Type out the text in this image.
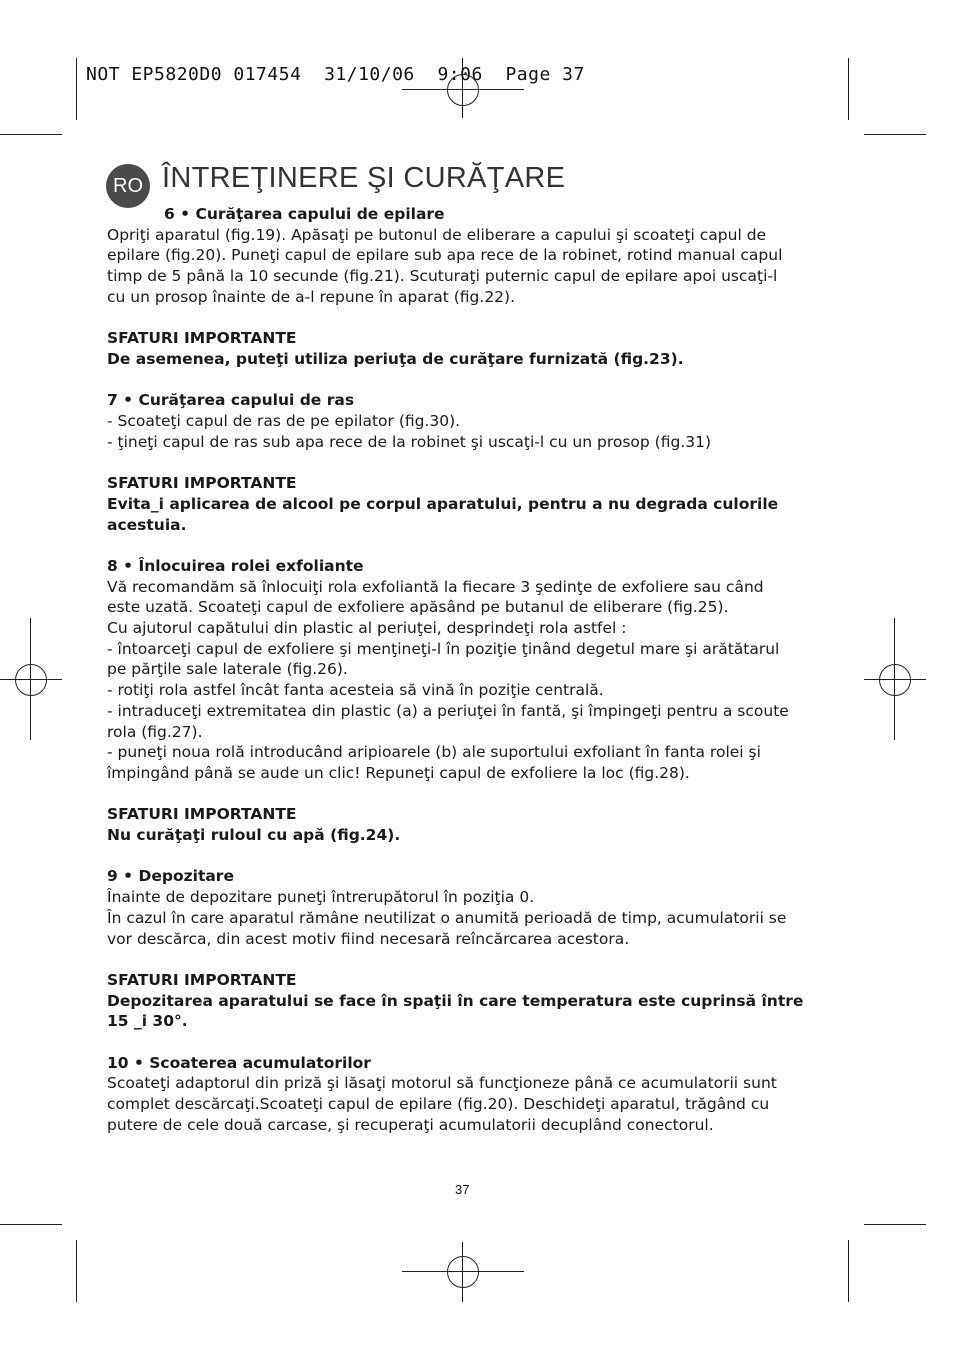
NOT EP5820D0 017454  31/10/06  9:06  Page 37
RO ÎNTREŢINERE ŞI CURĂŢARE

6 • Curăţarea capului de epilare

Opriţi aparatul (fig.19). Apăsaţi pe butonul de eliberare a capului şi scoateţi capul de

epilare (fig.20). Puneţi capul de epilare sub apa rece de la robinet, rotind manual capul

timp de 5 până la 10 secunde (fig.21). Scuturaţi puternic capul de epilare apoi uscaţi-l

cu un prosop înainte de a-l repune în aparat (fig.22).

SFATURI IMPORTANTE

De asemenea, puteţi utiliza periuţa de curăţare furnizată (fig.23).

7 • Curăţarea capului de ras

- Scoateţi capul de ras de pe epilator (fig.30).

- ţineţi capul de ras sub apa rece de la robinet şi uscaţi-l cu un prosop (fig.31)

SFATURI IMPORTANTE

Evita_i aplicarea de alcool pe corpul aparatului, pentru a nu degrada culorile

acestuia.

8 • Înlocuirea rolei exfoliante

Vă recomandăm să înlocuiţi rola exfoliantă la fiecare 3 şedinţe de exfoliere sau când

este uzată. Scoateţi capul de exfoliere apăsând pe butanul de eliberare (fig.25).

Cu ajutorul capătului din plastic al periuţei, desprindeţi rola astfel :

- întoarceţi capul de exfoliere şi menţineţi-l în poziţie ţinând degetul mare şi arătătarul

pe părţile sale laterale (fig.26).

- rotiţi rola astfel încât fanta acesteia să vină în poziţie centrală.

- intraduceţi extremitatea din plastic (a) a periuţei în fantă, şi împingeţi pentru a scoute

rola (fig.27).

- puneţi noua rolă introducând aripioarele (b) ale suportului exfoliant în fanta rolei şi

împingând până se aude un clic! Repuneţi capul de exfoliere la loc (fig.28).

SFATURI IMPORTANTE

Nu curăţaţi ruloul cu apă (fig.24).

9 • Depozitare

Înainte de depozitare puneţi întrerupătorul în poziţia 0.

În cazul în care aparatul rămâne neutilizat o anumită perioadă de timp, acumulatorii se

vor descărca, din acest motiv fiind necesară reîncărcarea acestora.

SFATURI IMPORTANTE

Depozitarea aparatului se face în spaţii în care temperatura este cuprinsă între

15 _i 30°.

10 • Scoaterea acumulatorilor

Scoateţi adaptorul din priză şi lăsaţi motorul să funcţioneze până ce acumulatorii sunt

complet descărcaţi.Scoateţi capul de epilare (fig.20). Deschideţi aparatul, trăgând cu

putere de cele două carcase, şi recuperaţi acumulatorii decuplând conectorul.

37
